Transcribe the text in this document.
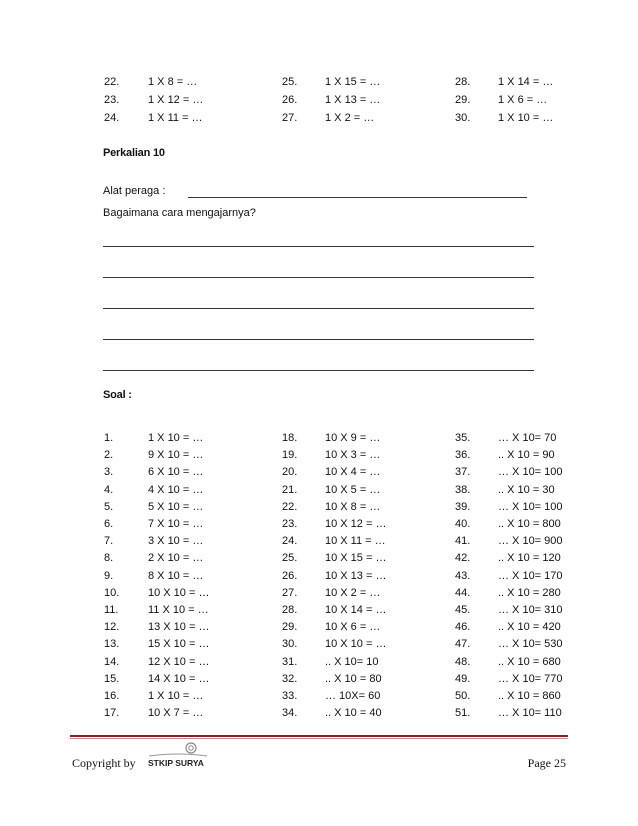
22.	1 X 8 = …	25.	1 X 15 = …	28.	1 X 14 = …
23.	1 X 12 = …	26.	1 X 13 = …	29.	1 X 6 = …
24.	1 X 11 = …	27.	1 X 2 = …	30.	1 X 10 = …
Perkalian 10
Alat peraga :
Bagaimana cara mengajarnya?
Soal :
1.	1 X 10 = …	18.	10 X 9 = …	35.	… X 10= 70
2.	9 X 10 = …	19.	10 X 3 = …	36.	.. X 10 = 90
3.	6 X 10 = …	20.	10 X 4 = …	37.	… X 10= 100
4.	4 X 10 = …	21.	10 X 5 = …	38.	.. X 10 = 30
5.	5 X 10 = …	22.	10 X 8 = …	39.	… X 10= 100
6.	7 X 10 = …	23.	10 X 12 = …	40.	.. X 10 = 800
7.	3 X 10 = …	24.	10 X 11 = …	41.	… X 10= 900
8.	2 X 10 = …	25.	10 X 15 = …	42.	.. X 10 = 120
9.	8 X 10 = …	26.	10 X 13 = …	43.	… X 10= 170
10.	10 X 10 = …	27.	10 X 2 = …	44.	.. X 10 = 280
11.	11 X 10 = …	28.	10 X 14 = …	45.	… X 10= 310
12.	13 X 10 = …	29.	10 X 6 = …	46.	.. X 10 = 420
13.	15 X 10 = …	30.	10 X 10 = …	47.	… X 10= 530
14.	12 X 10 = …	31.	.. X 10= 10	48.	.. X 10 = 680
15.	14 X 10 = …	32.	.. X 10 = 80	49.	… X 10= 770
16.	1 X 10 = …	33.	… 10X= 60	50.	.. X 10 = 860
17.	10 X 7 = …	34.	.. X 10 = 40	51.	… X 10= 110
Copyright by STKIP SURYA	Page 25
